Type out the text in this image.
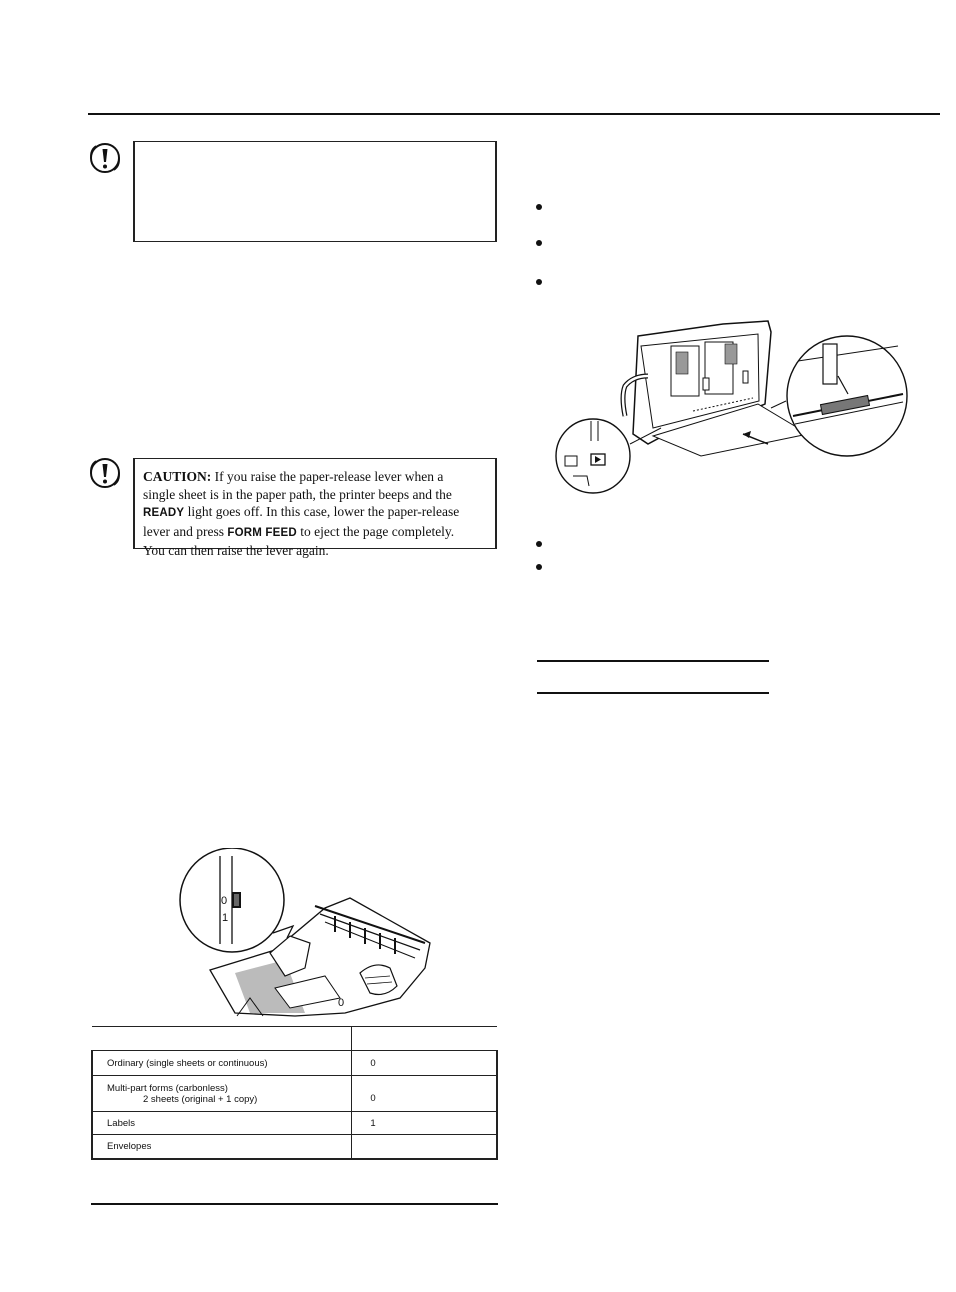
CAUTION: If you raise the paper-release lever when a
single sheet is in the paper path, the printer beeps and the
READY light goes off. In this case, lower the paper-release
lever and press FORM FEED to eject the page completely.
You can then raise the lever again.
0
0
1

Ordinary (single sheets or continuous)	0

Multi-part forms (carbonless)
2 sheets (original + 1 copy)	0
Labels	1
Envelopes	
